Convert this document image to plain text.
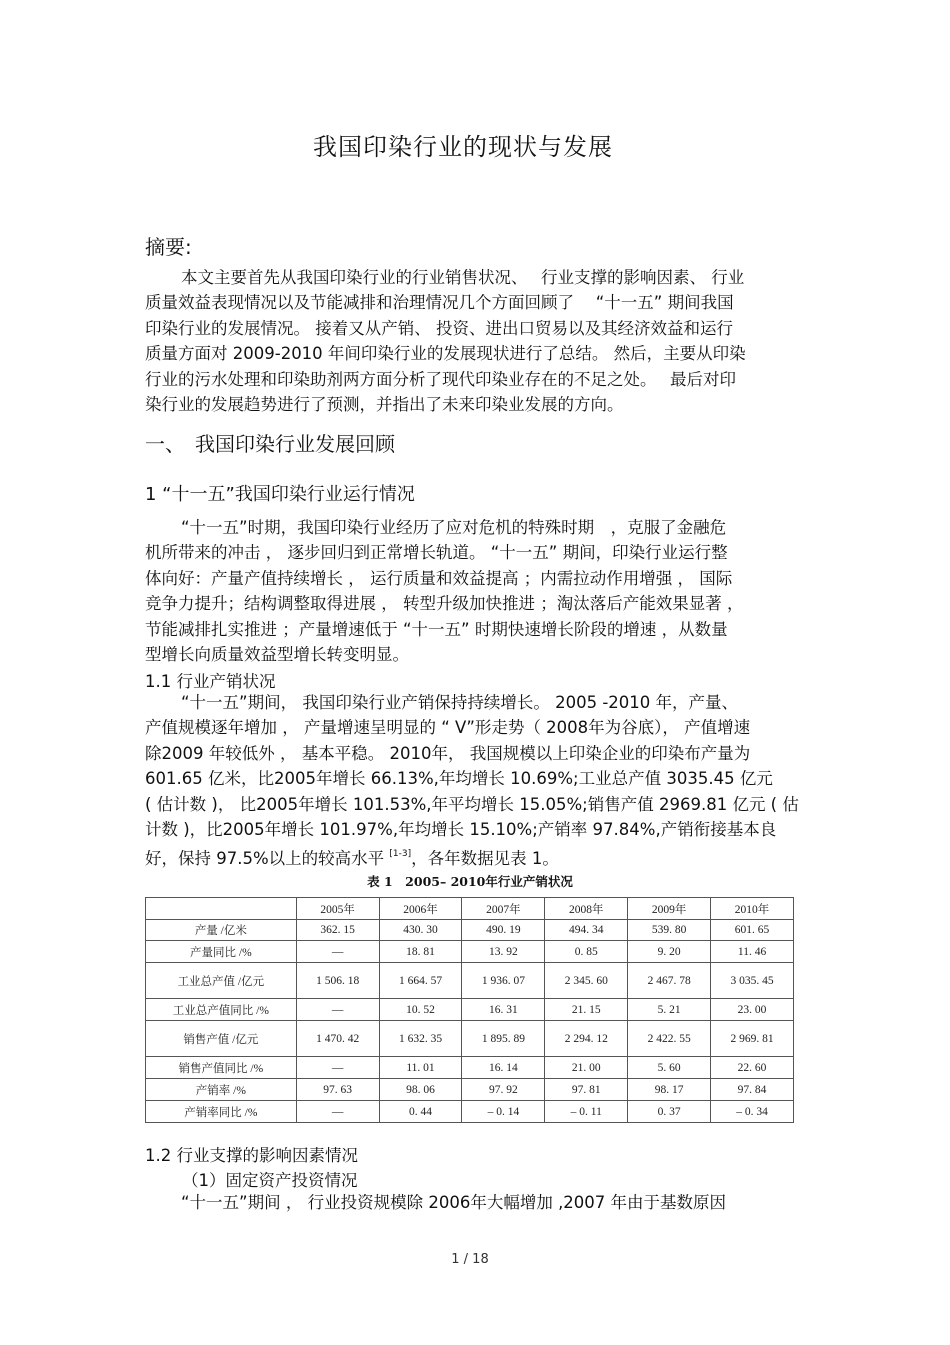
我国印染行业的现状与发展
摘要:

本文主要首先从我国印染行业的行业销售状况、　 行业支撑的影响因素、 行业
质量效益表现情况以及节能减排和治理情况几个方面回顾了　 “十一五” 期间我国
印染行业的发展情况。 接着又从产销、 投资、进出口贸易以及其经济效益和运行
质量方面对 2009-2010 年间印染行业的发展现状进行了总结。 然后，主要从印染
行业的污水处理和印染助剂两方面分析了现代印染业存在的不足之处。　 最后对印
染行业的发展趋势进行了预测，并指出了未来印染业发展的方向。

一、　我国印染行业发展回顾
1 “十一五”我国印染行业运行情况

“十一五”时期，我国印染行业经历了应对危机的特殊时期　，克服了金融危
机所带来的冲击 ， 逐步回归到正常增长轨道。 “十一五” 期间，印染行业运行整
体向好：产量产值持续增长 ， 运行质量和效益提高 ；内需拉动作用增强 ， 国际
竞争力提升；结构调整取得进展 ， 转型升级加快推进 ；淘汰落后产能效果显著 ，
节能减排扎实推进 ；产量增速低于 “十一五” 时期快速增长阶段的增速 ，从数量
型增长向质量效益型增长转变明显。

1.1 行业产销状况

“十一五”期间， 我国印染行业产销保持持续增长。 2005 -2010 年，产量、
产值规模逐年增加 ， 产量增速呈明显的 “ V”形走势（ 2008年为谷底）， 产值增速
除2009 年较低外 ， 基本平稳。 2010年， 我国规模以上印染企业的印染布产量为
601.65 亿米，比2005年增长 66.13%,年均增长 10.69%;工业总产值 3035.45 亿元
( 估计数 )， 比2005年增长 101.53%,年平均增长 15.05%;销售产值 2969.81 亿元 ( 估
计数 )，比2005年增长 101.97%,年均增长 15.10%;产销率 97.84%,产销衔接基本良
好，保持 97.5%以上的较高水平 [1-3]，各年数据见表 1。

表 1　2005– 2010年行业产销状况
	2005年	2006年	2007年	2008年	2009年	2010年
产量 /亿米	362. 15	430. 30	490. 19	494. 34	539. 80	601. 65
产量同比 /%	—	18. 81	13. 92	0. 85	9. 20	11. 46
工业总产值 /亿元	1 506. 18	1 664. 57	1 936. 07	2 345. 60	2 467. 78	3 035. 45
工业总产值同比 /%	—	10. 52	16. 31	21. 15	5. 21	23. 00
销售产值 /亿元	1 470. 42	1 632. 35	1 895. 89	2 294. 12	2 422. 55	2 969. 81
销售产值同比 /%	—	11. 01	16. 14	21. 00	5. 60	22. 60
产销率 /%	97. 63	98. 06	97. 92	97. 81	98. 17	97. 84
产销率同比 /%	—	0. 44	– 0. 14	– 0. 11	0. 37	– 0. 34
1.2 行业支撑的影响因素情况
（1）固定资产投资情况

“十一五”期间 ， 行业投资规模除 2006年大幅增加 ,2007 年由于基数原因

1 / 18
